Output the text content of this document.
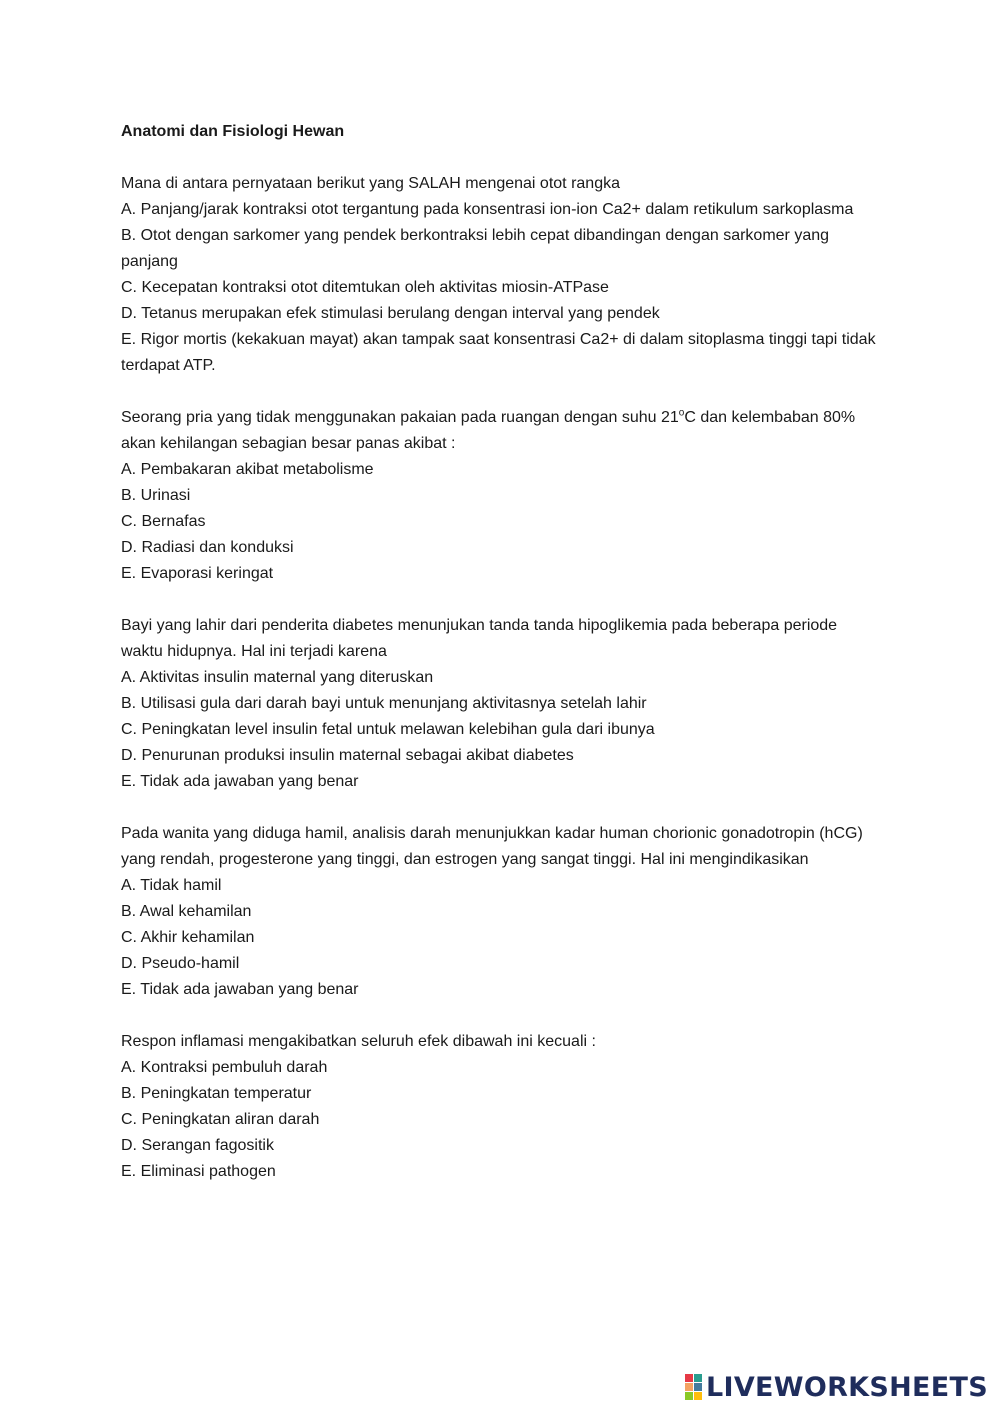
Anatomi dan Fisiologi Hewan

Mana di antara pernyataan berikut yang SALAH mengenai otot rangka

A. Panjang/jarak kontraksi otot tergantung pada konsentrasi ion-ion Ca2+ dalam retikulum sarkoplasma

B. Otot dengan sarkomer yang pendek berkontraksi lebih cepat dibandingan dengan sarkomer yang panjang

C. Kecepatan kontraksi otot ditemtukan oleh aktivitas miosin-ATPase

D. Tetanus merupakan efek stimulasi berulang dengan interval yang pendek

E. Rigor mortis (kekakuan mayat) akan tampak saat konsentrasi Ca2+ di dalam sitoplasma tinggi tapi tidak terdapat ATP.

Seorang pria yang tidak menggunakan pakaian pada ruangan dengan suhu 21$^o$C dan kelembaban 80% akan kehilangan sebagian besar panas akibat :

A. Pembakaran akibat metabolisme

B. Urinasi

C. Bernafas

D. Radiasi dan konduksi

E. Evaporasi keringat

Bayi yang lahir dari penderita diabetes menunjukan tanda tanda hipoglikemia pada beberapa periode waktu hidupnya. Hal ini terjadi karena

A. Aktivitas insulin maternal yang diteruskan

B. Utilisasi gula dari darah bayi untuk menunjang aktivitasnya setelah lahir

C. Peningkatan level insulin fetal untuk melawan kelebihan gula dari ibunya

D. Penurunan produksi insulin maternal sebagai akibat diabetes

E. Tidak ada jawaban yang benar

Pada wanita yang diduga hamil, analisis darah menunjukkan kadar human chorionic gonadotropin (hCG) yang rendah, progesterone yang tinggi, dan estrogen yang sangat tinggi. Hal ini mengindikasikan

A. Tidak hamil

B. Awal kehamilan

C. Akhir kehamilan

D. Pseudo-hamil

E. Tidak ada jawaban yang benar

Respon inflamasi mengakibatkan seluruh efek dibawah ini kecuali :

A. Kontraksi pembuluh darah

B. Peningkatan temperatur

C. Peningkatan aliran darah

D. Serangan fagositik

E. Eliminasi pathogen

LIVEWORKSHEETS
